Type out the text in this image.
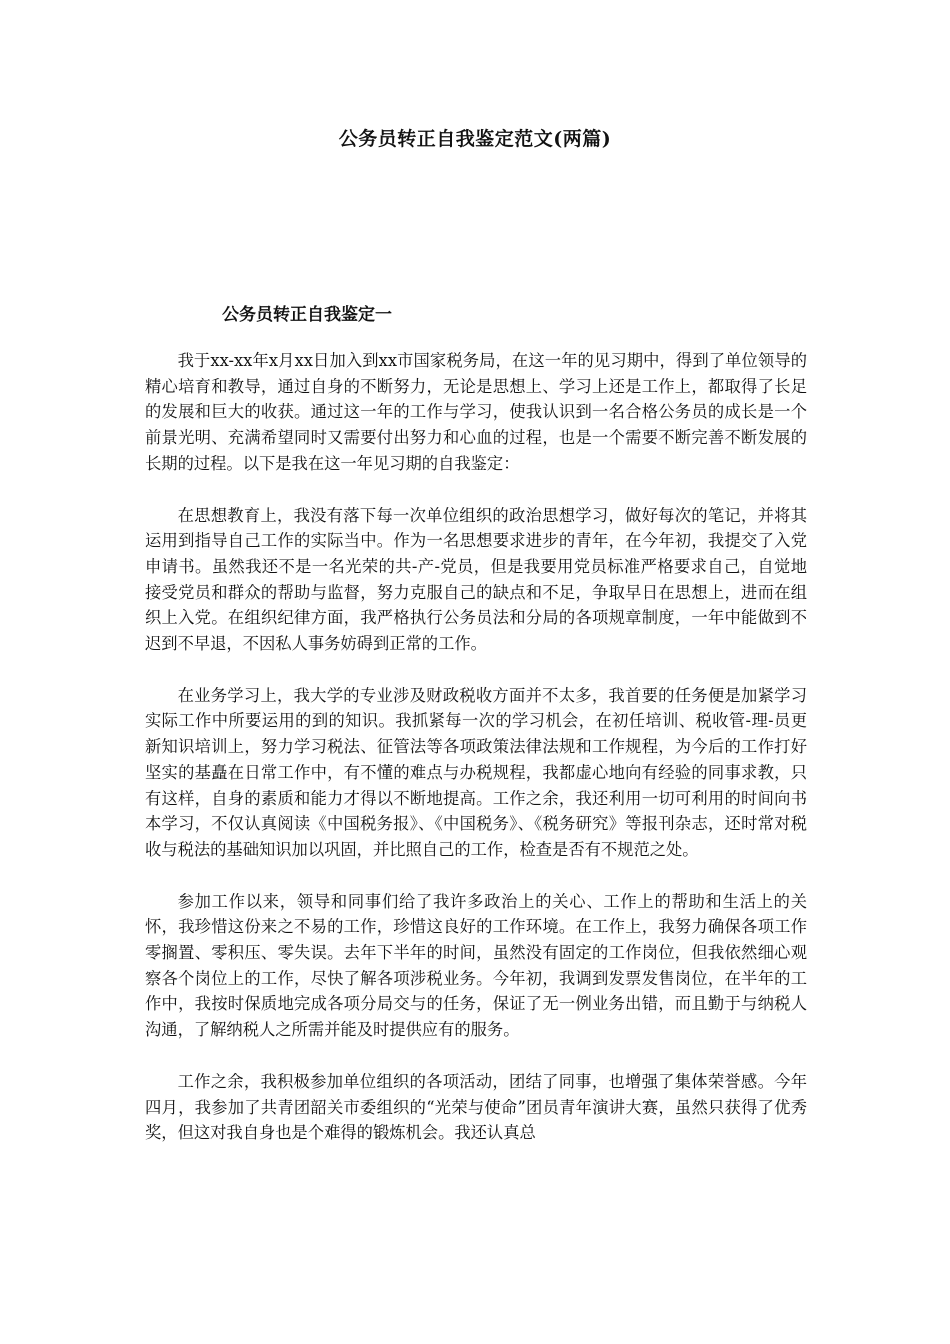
公务员转正自我鉴定范文(两篇)
公务员转正自我鉴定一

我于xx-xx年x月xx日加入到xx市国家税务局，在这一年的见习期中，得到了单位领导的精心培育和教导，通过自身的不断努力，无论是思想上、学习上还是工作上，都取得了长足的发展和巨大的收获。通过这一年的工作与学习，使我认识到一名合格公务员的成长是一个前景光明、充满希望同时又需要付出努力和心血的过程，也是一个需要不断完善不断发展的长期的过程。以下是我在这一年见习期的自我鉴定：

在思想教育上，我没有落下每一次单位组织的政治思想学习，做好每次的笔记，并将其运用到指导自己工作的实际当中。作为一名思想要求进步的青年，在今年初，我提交了入党申请书。虽然我还不是一名光荣的共-产-党员，但是我要用党员标准严格要求自己，自觉地接受党员和群众的帮助与监督，努力克服自己的缺点和不足，争取早日在思想上，进而在组织上入党。在组织纪律方面，我严格执行公务员法和分局的各项规章制度，一年中能做到不迟到不早退，不因私人事务妨碍到正常的工作。

在业务学习上，我大学的专业涉及财政税收方面并不太多，我首要的任务便是加紧学习实际工作中所要运用的到的知识。我抓紧每一次的学习机会，在初任培训、税收管-理-员更新知识培训上，努力学习税法、征管法等各项政策法律法规和工作规程，为今后的工作打好坚实的基矗在日常工作中，有不懂的难点与办税规程，我都虚心地向有经验的同事求教，只有这样，自身的素质和能力才得以不断地提高。工作之余，我还利用一切可利用的时间向书本学习，不仅认真阅读《中国税务报》、《中国税务》、《税务研究》等报刊杂志，还时常对税收与税法的基础知识加以巩固，并比照自己的工作，检查是否有不规范之处。

参加工作以来，领导和同事们给了我许多政治上的关心、工作上的帮助和生活上的关怀，我珍惜这份来之不易的工作，珍惜这良好的工作环境。在工作上，我努力确保各项工作零搁置、零积压、零失误。去年下半年的时间，虽然没有固定的工作岗位，但我依然细心观察各个岗位上的工作，尽快了解各项涉税业务。今年初，我调到发票发售岗位，在半年的工作中，我按时保质地完成各项分局交与的任务，保证了无一例业务出错，而且勤于与纳税人沟通，了解纳税人之所需并能及时提供应有的服务。

工作之余，我积极参加单位组织的各项活动，团结了同事，也增强了集体荣誉感。今年四月，我参加了共青团韶关市委组织的“光荣与使命”团员青年演讲大赛，虽然只获得了优秀奖，但这对我自身也是个难得的锻炼机会。我还认真总
